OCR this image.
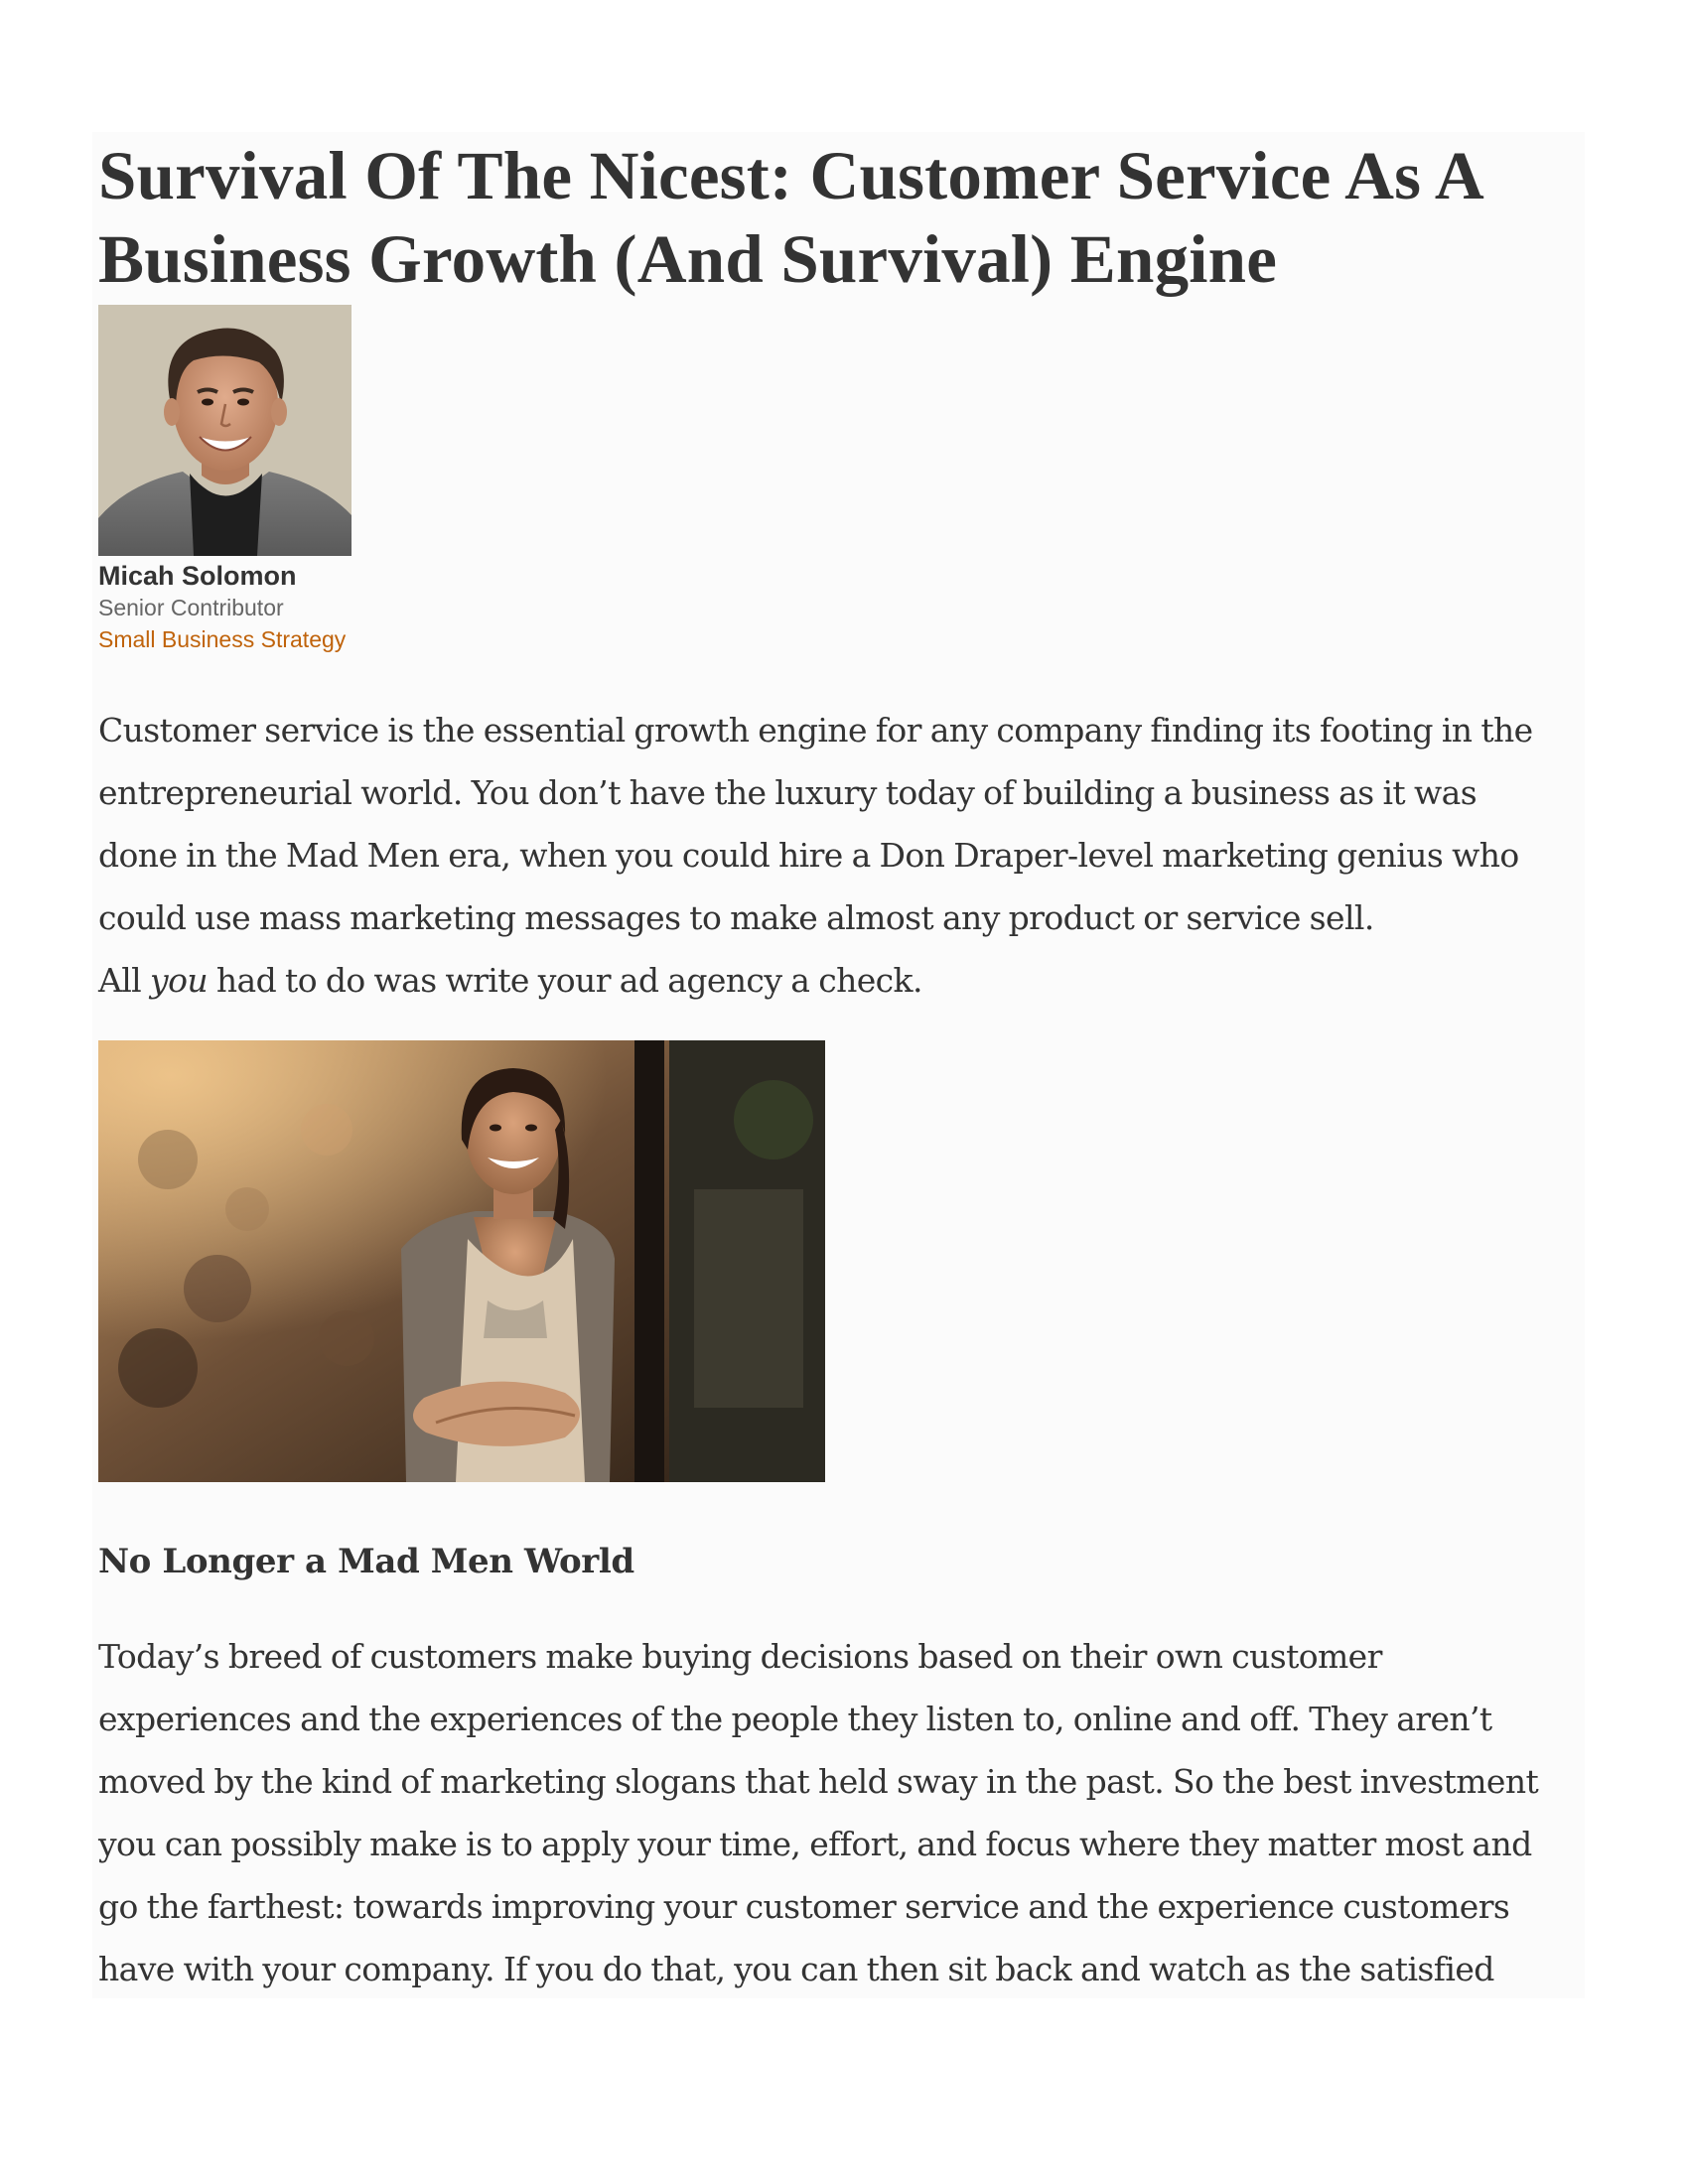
Survival Of The Nicest: Customer Service As A Business Growth (And Survival) Engine
Micah Solomon
Senior Contributor
Small Business Strategy

Customer service is the essential growth engine for any company finding its footing in the
entrepreneurial world. You don’t have the luxury today of building a business as it was
done in the Mad Men era, when you could hire a Don Draper-level marketing genius who
could use mass marketing messages to make almost any product or service sell.
All you had to do was write your ad agency a check.

No Longer a Mad Men World

Today’s breed of customers make buying decisions based on their own customer
experiences and the experiences of the people they listen to, online and off. They aren’t
moved by the kind of marketing slogans that held sway in the past. So the best investment
you can possibly make is to apply your time, effort, and focus where they matter most and
go the farthest: towards improving your customer service and the experience customers
have with your company. If you do that, you can then sit back and watch as the satisfied
